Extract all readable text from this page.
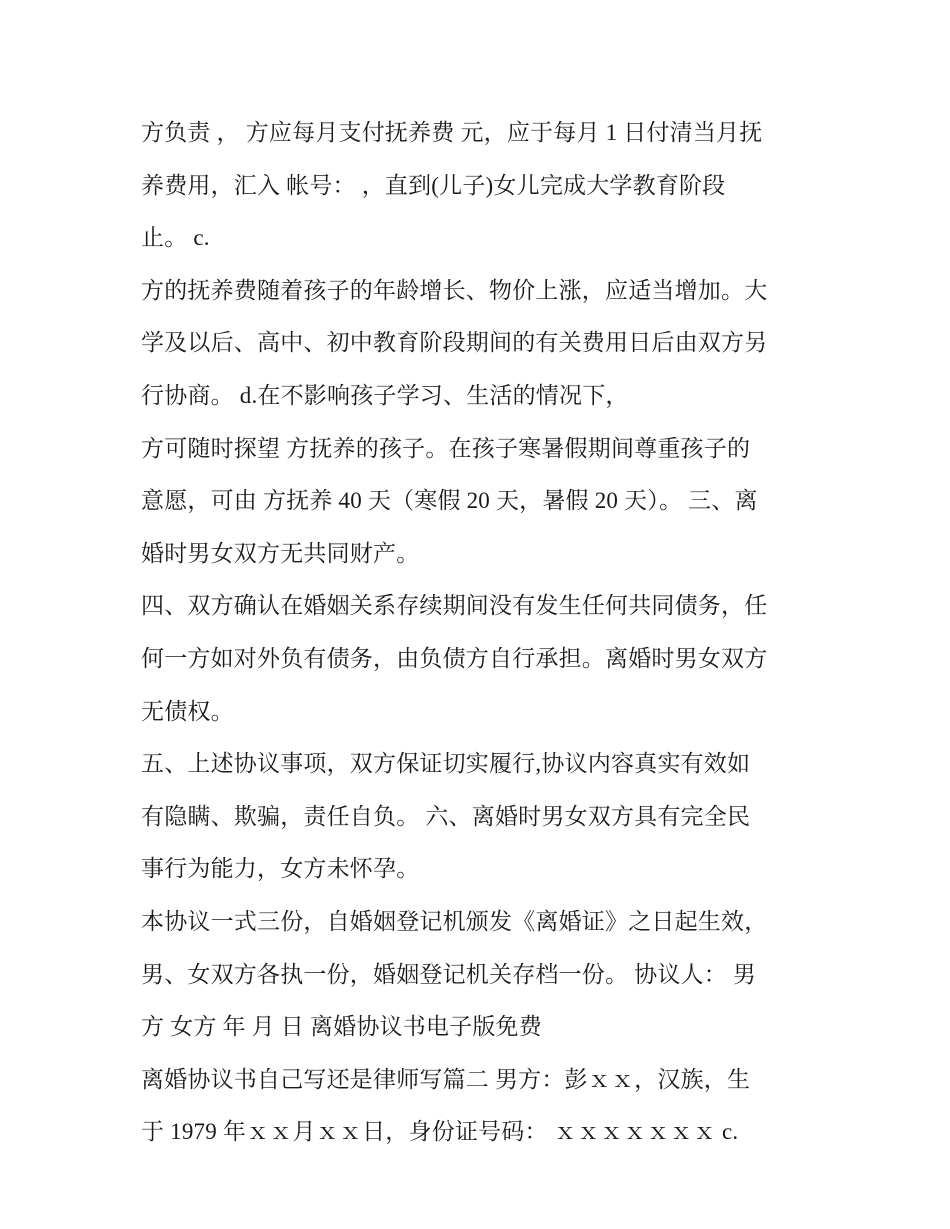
方负责 ， 方应每月支付抚养费 元，应于每月 1 日付清当月抚
养费用，汇入 帐号： ，直到(儿子)女儿完成大学教育阶段
止。 c.
方的抚养费随着孩子的年龄增长、物价上涨，应适当增加。大
学及以后、高中、初中教育阶段期间的有关费用日后由双方另
行协商。 d.在不影响孩子学习、生活的情况下，
方可随时探望 方抚养的孩子。在孩子寒暑假期间尊重孩子的
意愿，可由 方抚养 40 天（寒假 20 天，暑假 20 天）。 三、离
婚时男女双方无共同财产。
四、双方确认在婚姻关系存续期间没有发生任何共同债务，任
何一方如对外负有债务，由负债方自行承担。离婚时男女双方
无债权。
五、上述协议事项，双方保证切实履行,协议内容真实有效如
有隐瞒、欺骗，责任自负。 六、离婚时男女双方具有完全民
事行为能力，女方未怀孕。
本协议一式三份，自婚姻登记机颁发《离婚证》之日起生效，
男、女双方各执一份，婚姻登记机关存档一份。 协议人： 男
方 女方 年 月 日 离婚协议书电子版免费
离婚协议书自己写还是律师写篇二 男方：彭ｘｘ，汉族，生
于 1979 年ｘｘ月ｘｘ日，身份证号码： ｘｘｘｘｘｘｘ c.
